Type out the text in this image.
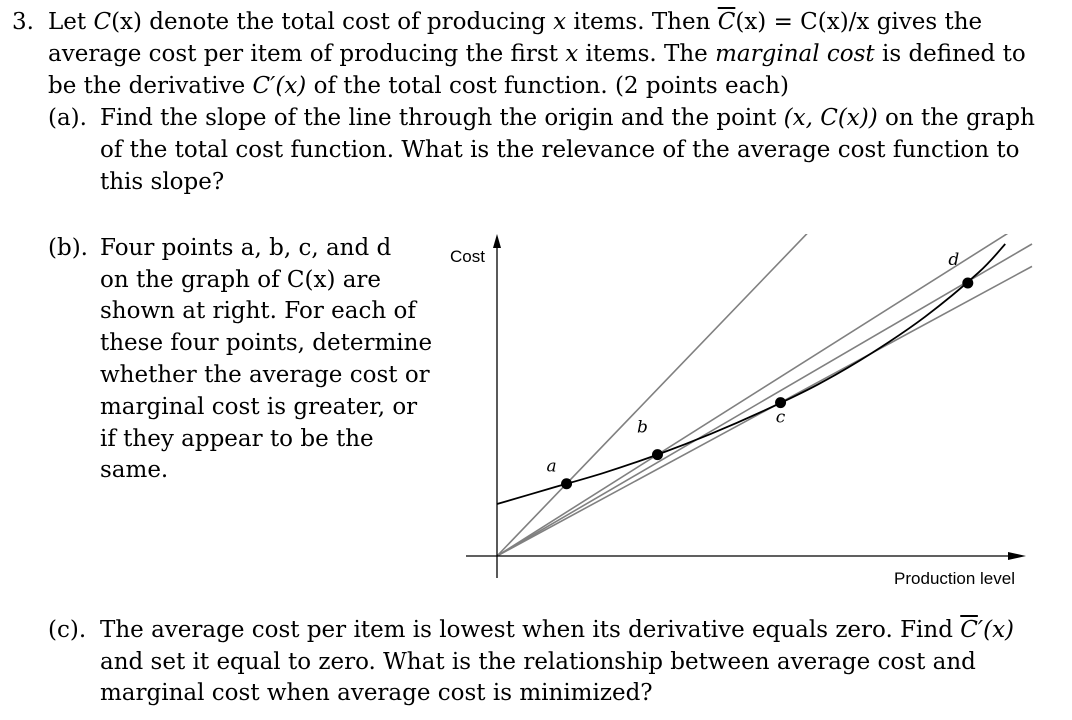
3. Let C(x) denote the total cost of producing x items. Then $\overline{C}(x) = C(x)/x$ gives the
average cost per item of producing the first x items. The marginal cost is defined to
be the derivative C′(x) of the total cost function. (2 points each)
(a). Find the slope of the line through the origin and the point (x, C(x)) on the graph
of the total cost function. What is the relevance of the average cost function to
this slope?
(b). Four points a, b, c, and d
on the graph of C(x) are
shown at right. For each of
these four points, determine
whether the average cost or
marginal cost is greater, or
if they appear to be the
same.	a
b	c
d
Cost
Production level
(c). The average cost per item is lowest when its derivative equals zero. Find $\overline{C}'(x)$
and set it equal to zero. What is the relationship between average cost and
marginal cost when average cost is minimized?
